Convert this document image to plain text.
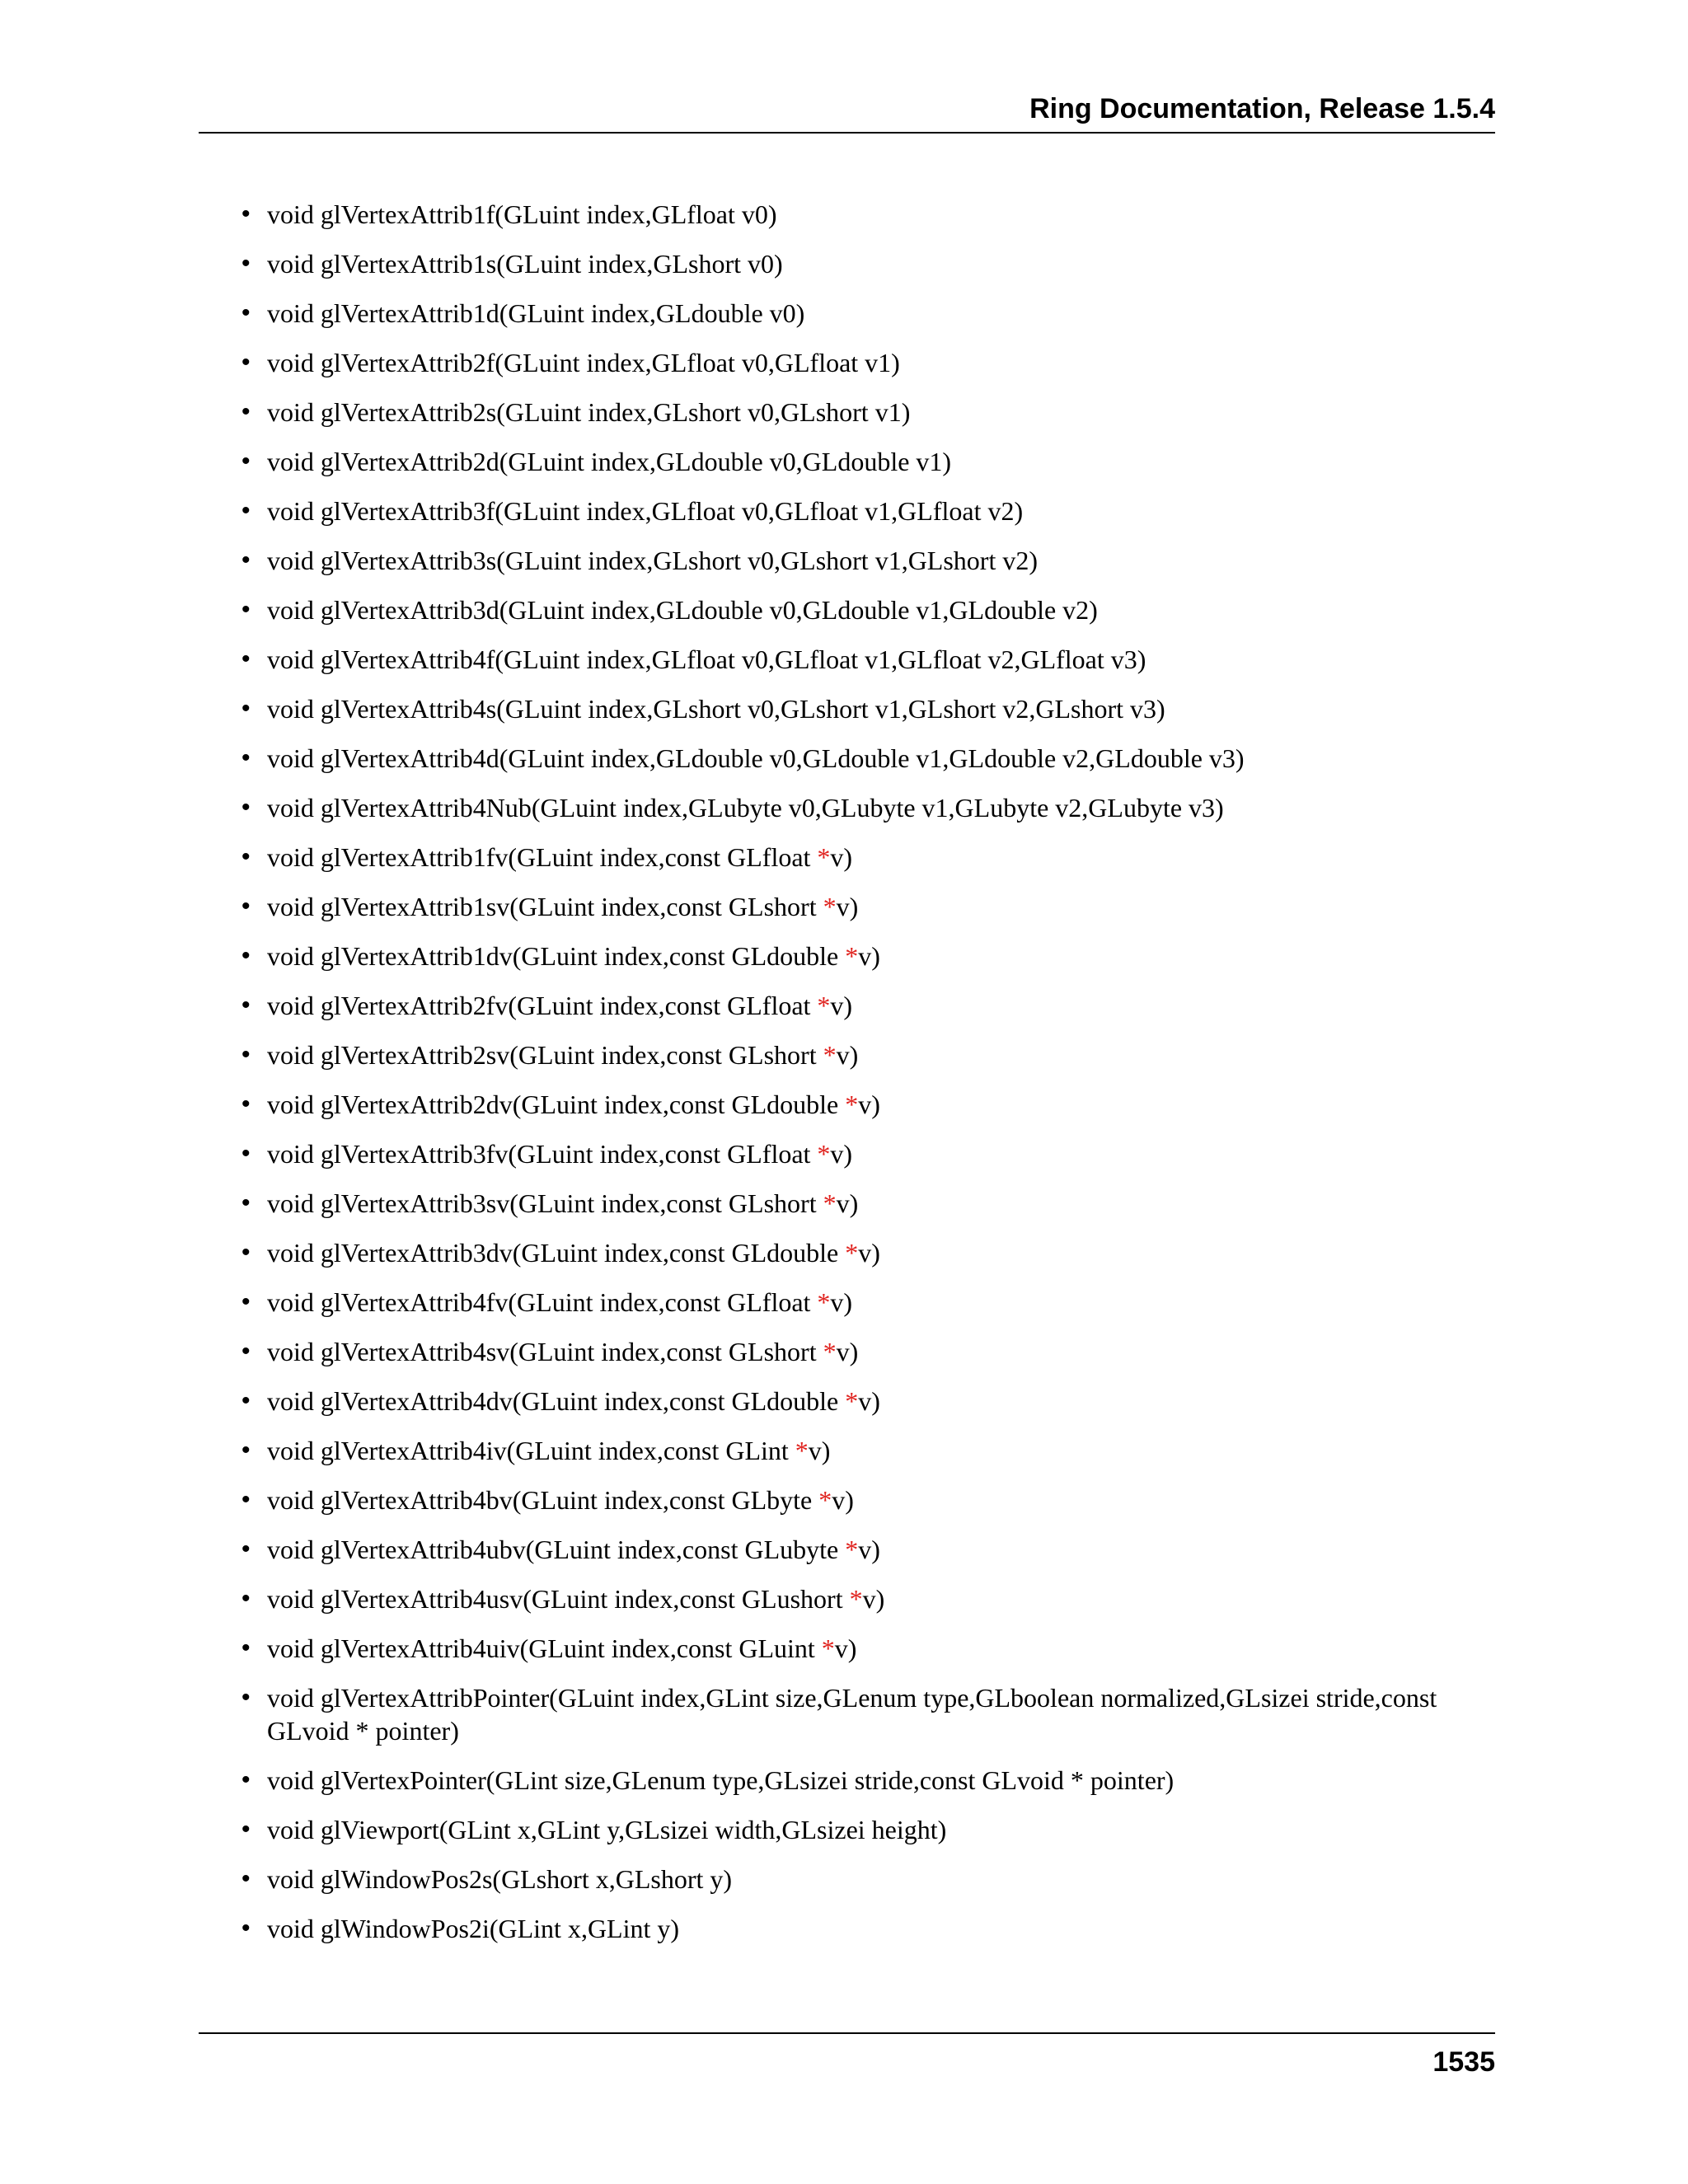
Ring Documentation, Release 1.5.4
• void glVertexAttrib1f(GLuint index,GLfloat v0)
• void glVertexAttrib1s(GLuint index,GLshort v0)
• void glVertexAttrib1d(GLuint index,GLdouble v0)
• void glVertexAttrib2f(GLuint index,GLfloat v0,GLfloat v1)
• void glVertexAttrib2s(GLuint index,GLshort v0,GLshort v1)
• void glVertexAttrib2d(GLuint index,GLdouble v0,GLdouble v1)
• void glVertexAttrib3f(GLuint index,GLfloat v0,GLfloat v1,GLfloat v2)
• void glVertexAttrib3s(GLuint index,GLshort v0,GLshort v1,GLshort v2)
• void glVertexAttrib3d(GLuint index,GLdouble v0,GLdouble v1,GLdouble v2)
• void glVertexAttrib4f(GLuint index,GLfloat v0,GLfloat v1,GLfloat v2,GLfloat v3)
• void glVertexAttrib4s(GLuint index,GLshort v0,GLshort v1,GLshort v2,GLshort v3)
• void glVertexAttrib4d(GLuint index,GLdouble v0,GLdouble v1,GLdouble v2,GLdouble v3)
• void glVertexAttrib4Nub(GLuint index,GLubyte v0,GLubyte v1,GLubyte v2,GLubyte v3)
• void glVertexAttrib1fv(GLuint index,const GLfloat *v)
• void glVertexAttrib1sv(GLuint index,const GLshort *v)
• void glVertexAttrib1dv(GLuint index,const GLdouble *v)
• void glVertexAttrib2fv(GLuint index,const GLfloat *v)
• void glVertexAttrib2sv(GLuint index,const GLshort *v)
• void glVertexAttrib2dv(GLuint index,const GLdouble *v)
• void glVertexAttrib3fv(GLuint index,const GLfloat *v)
• void glVertexAttrib3sv(GLuint index,const GLshort *v)
• void glVertexAttrib3dv(GLuint index,const GLdouble *v)
• void glVertexAttrib4fv(GLuint index,const GLfloat *v)
• void glVertexAttrib4sv(GLuint index,const GLshort *v)
• void glVertexAttrib4dv(GLuint index,const GLdouble *v)
• void glVertexAttrib4iv(GLuint index,const GLint *v)
• void glVertexAttrib4bv(GLuint index,const GLbyte *v)
• void glVertexAttrib4ubv(GLuint index,const GLubyte *v)
• void glVertexAttrib4usv(GLuint index,const GLushort *v)
• void glVertexAttrib4uiv(GLuint index,const GLuint *v)
• void glVertexAttribPointer(GLuint index,GLint size,GLenum type,GLboolean normalized,GLsizei stride,const GLvoid * pointer)
• void glVertexPointer(GLint size,GLenum type,GLsizei stride,const GLvoid * pointer)
• void glViewport(GLint x,GLint y,GLsizei width,GLsizei height)
• void glWindowPos2s(GLshort x,GLshort y)
• void glWindowPos2i(GLint x,GLint y)
1535
